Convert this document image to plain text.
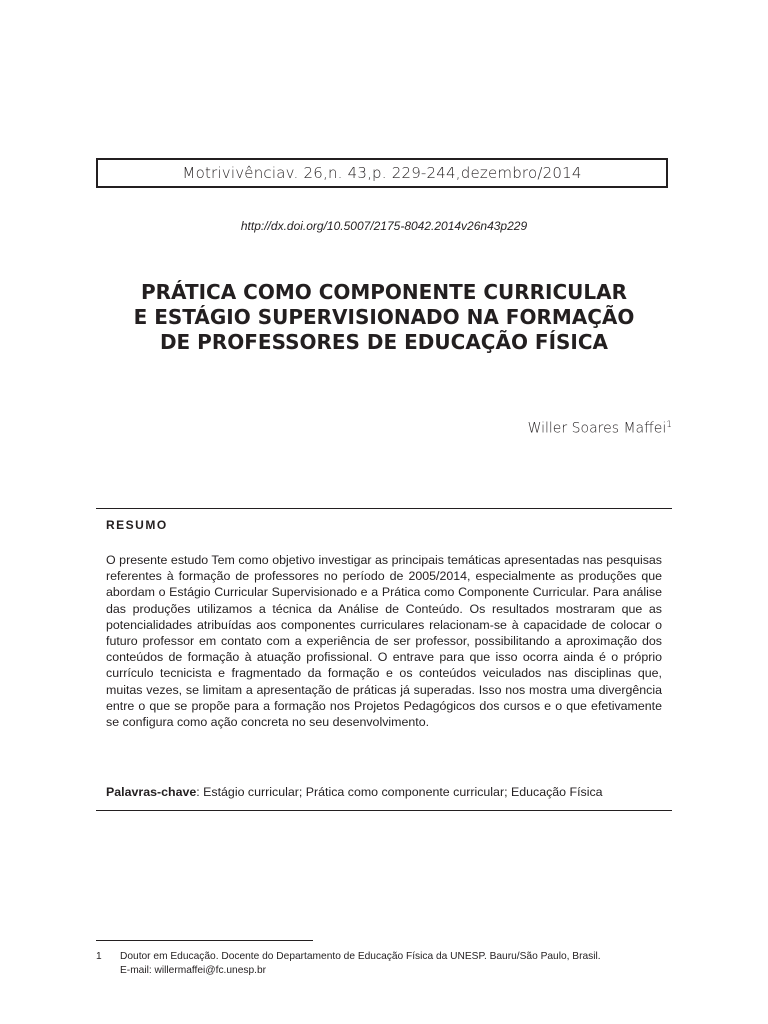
Motrivivência v. 26, n. 43, p. 229-244, dezembro/2014
http://dx.doi.org/10.5007/2175-8042.2014v26n43p229
PRÁTICA COMO COMPONENTE CURRICULAR
E ESTÁGIO SUPERVISIONADO NA FORMAÇÃO
DE PROFESSORES DE EDUCAÇÃO FÍSICA
Willer Soares Maffei$^1$
RESUMO

O presente estudo Tem como objetivo investigar as principais temáticas apresentadas nas pesquisas referentes à formação de professores no período de 2005/2014, especialmente as produções que abordam o Estágio Curricular Supervisionado e a Prática como Componente Curricular. Para análise das produções utilizamos a técnica da Análise de Conteúdo. Os resultados mostraram que as potencialidades atribuídas aos componentes curriculares relacionam-se à capacidade de colocar o futuro professor em contato com a experiência de ser professor, possibilitando a aproximação dos conteúdos de formação à atuação profissional. O entrave para que isso ocorra ainda é o próprio currículo tecnicista e fragmentado da formação e os conteúdos veiculados nas disciplinas que, muitas vezes, se limitam a apresentação de práticas já superadas. Isso nos mostra uma divergência entre o que se propõe para a formação nos Projetos Pedagógicos dos cursos e o que efetivamente se configura como ação concreta no seu desenvolvimento.

Palavras-chave: Estágio curricular; Prática como componente curricular; Educação Física

1 Doutor em Educação. Docente do Departamento de Educação Física da UNESP. Bauru/São Paulo, Brasil.
E-mail: willermaffei@fc.unesp.br
